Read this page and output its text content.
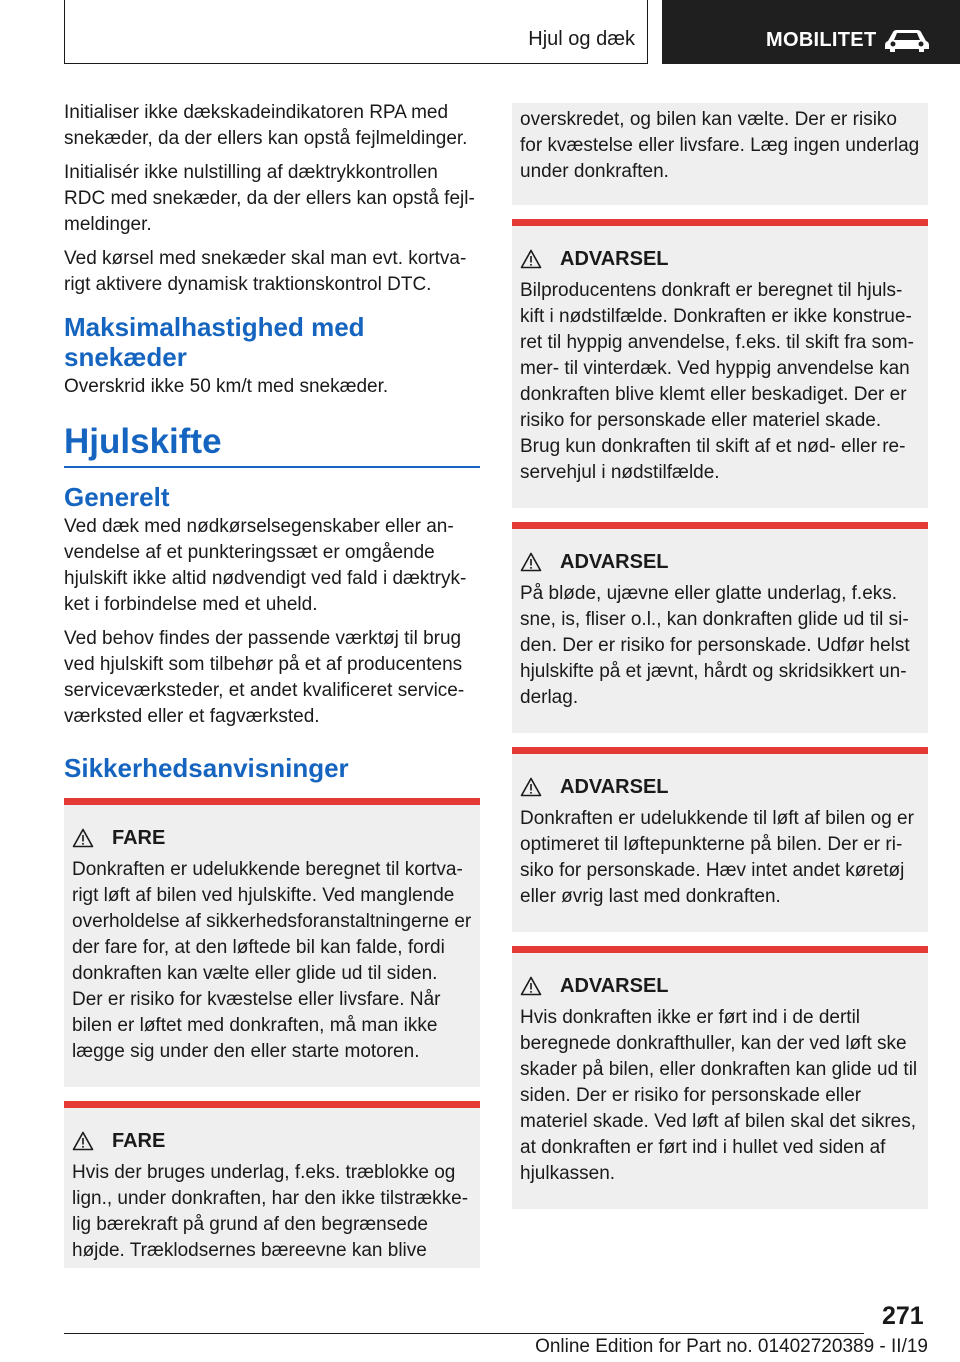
Hjul og dæk	MOBILITET

Initialiser ikke dækskadeindikatoren RPA med snekæder, da der ellers kan opstå fejlmeldinger.

Initialisér ikke nulstilling af dæktrykkontrollen RDC med snekæder, da der ellers kan opstå fejlmeldinger.

Ved kørsel med snekæder skal man evt. kortvarigt aktivere dynamisk traktionskontrol DTC.

Maksimalhastighed med snekæder

Overskrid ikke 50 km/t med snekæder.

Hjulskifte
Generelt

Ved dæk med nødkørselsegenskaber eller anvendelse af et punkteringssæt er omgående hjulskift ikke altid nødvendigt ved fald i dæktrykket i forbindelse med et uheld.

Ved behov findes der passende værktøj til brug ved hjulskift som tilbehør på et af producentens serviceværksteder, et andet kvalificeret serviceværksted eller et fagværksted.

Sikkerhedsanvisninger
FARE

Donkraften er udelukkende beregnet til kortvarigt løft af bilen ved hjulskifte. Ved manglende overholdelse af sikkerhedsforanstaltningerne er der fare for, at den løftede bil kan falde, fordi donkraften kan vælte eller glide ud til siden. Der er risiko for kvæstelse eller livsfare. Når bilen er løftet med donkraften, må man ikke lægge sig under den eller starte motoren.

FARE

Hvis der bruges underlag, f.eks. træblokke og lign., under donkraften, har den ikke tilstrækkelig bærekraft på grund af den begrænsede højde. Træklodsernes bæreevne kan blive

overskredet, og bilen kan vælte. Der er risiko for kvæstelse eller livsfare. Læg ingen underlag under donkraften.

ADVARSEL

Bilproducentens donkraft er beregnet til hjulskift i nødstilfælde. Donkraften er ikke konstrueret til hyppig anvendelse, f.eks. til skift fra sommer- til vinterdæk. Ved hyppig anvendelse kan donkraften blive klemt eller beskadiget. Der er risiko for personskade eller materiel skade. Brug kun donkraften til skift af et nød- eller reservehjul i nødstilfælde.

ADVARSEL

På bløde, ujævne eller glatte underlag, f.eks. sne, is, fliser o.l., kan donkraften glide ud til siden. Der er risiko for personskade. Udfør helst hjulskifte på et jævnt, hårdt og skridsikkert underlag.

ADVARSEL

Donkraften er udelukkende til løft af bilen og er optimeret til løftepunkterne på bilen. Der er risiko for personskade. Hæv intet andet køretøj eller øvrig last med donkraften.

ADVARSEL

Hvis donkraften ikke er ført ind i de dertil beregnede donkrafthuller, kan der ved løft ske skader på bilen, eller donkraften kan glide ud til siden. Der er risiko for personskade eller materiel skade. Ved løft af bilen skal det sikres, at donkraften er ført ind i hullet ved siden af hjulkassen.

271
Online Edition for Part no. 01402720389 - II/19
